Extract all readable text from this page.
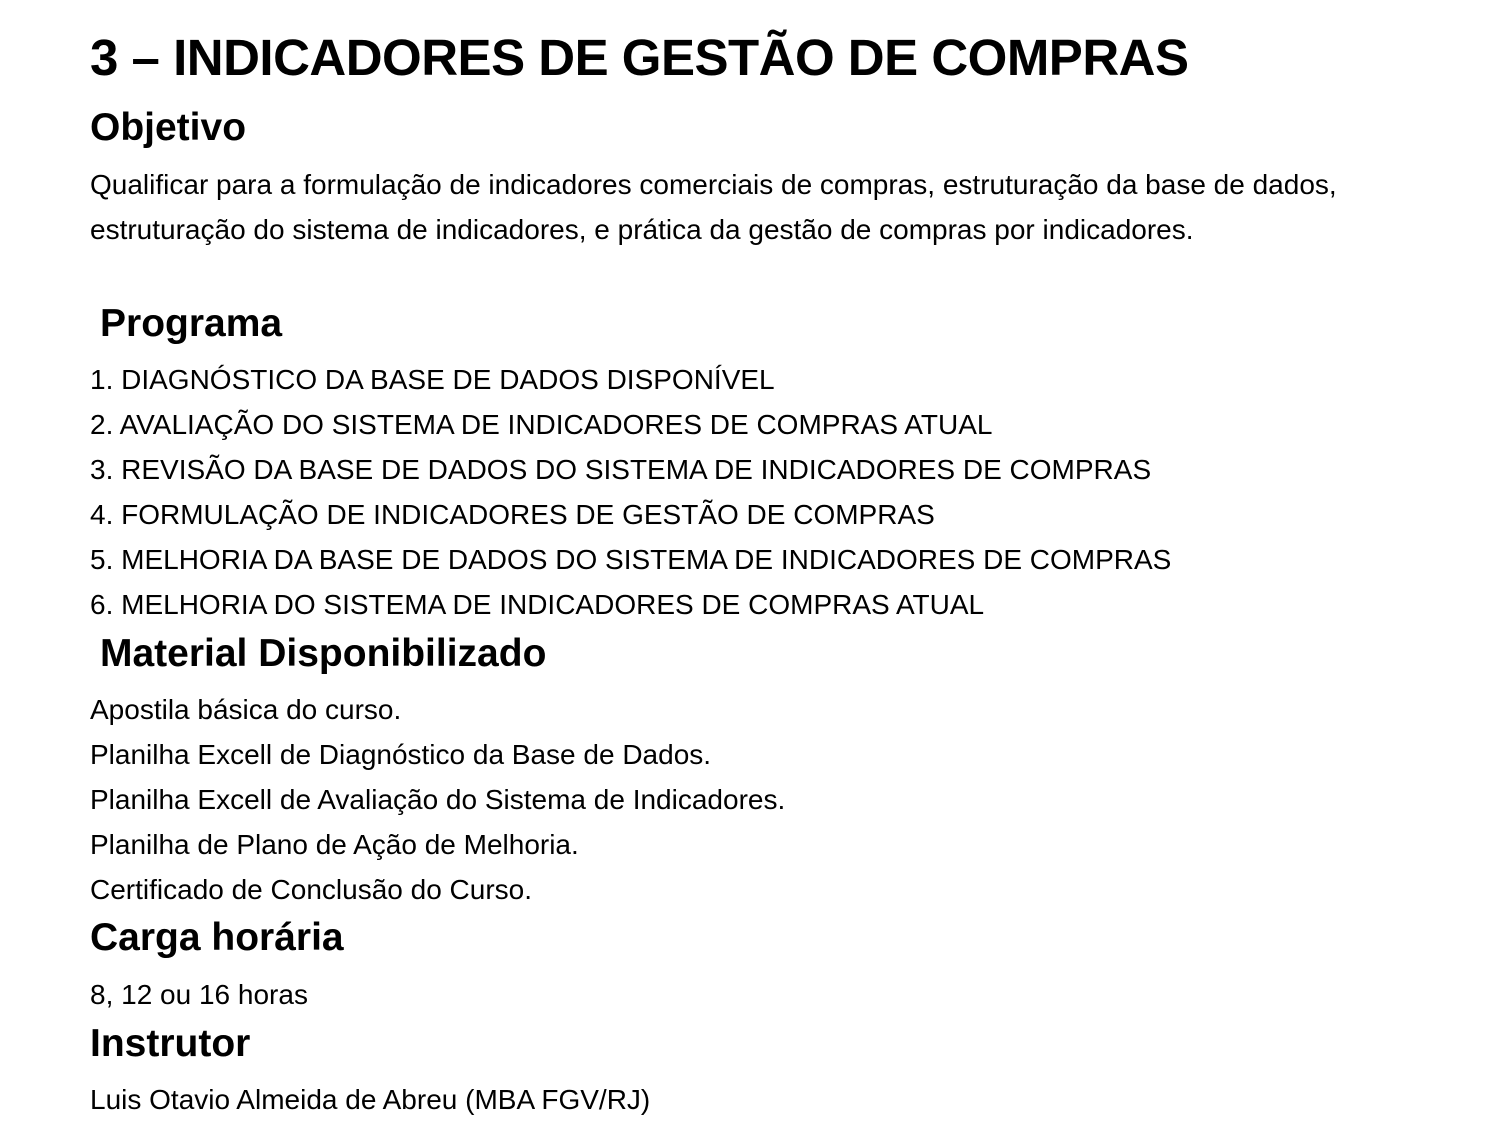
3 – INDICADORES DE GESTÃO DE COMPRAS
Objetivo
Qualificar para a formulação de indicadores comerciais de compras, estruturação da base de dados, estruturação do sistema de indicadores, e prática da gestão de compras por indicadores.
Programa
1. DIAGNÓSTICO DA BASE DE DADOS DISPONÍVEL
2. AVALIAÇÃO DO SISTEMA DE INDICADORES DE COMPRAS ATUAL
3. REVISÃO DA BASE DE DADOS DO SISTEMA DE INDICADORES DE COMPRAS
4. FORMULAÇÃO DE INDICADORES DE GESTÃO DE COMPRAS
5. MELHORIA DA BASE DE DADOS DO SISTEMA DE INDICADORES DE COMPRAS
6. MELHORIA DO SISTEMA DE INDICADORES DE COMPRAS ATUAL
Material Disponibilizado
Apostila básica do curso.
Planilha Excell de Diagnóstico da Base de Dados.
Planilha Excell de Avaliação do Sistema de Indicadores.
Planilha de Plano de Ação de Melhoria.
Certificado de Conclusão do Curso.
Carga horária
8, 12 ou 16 horas
Instrutor
Luis Otavio Almeida de Abreu (MBA FGV/RJ)
